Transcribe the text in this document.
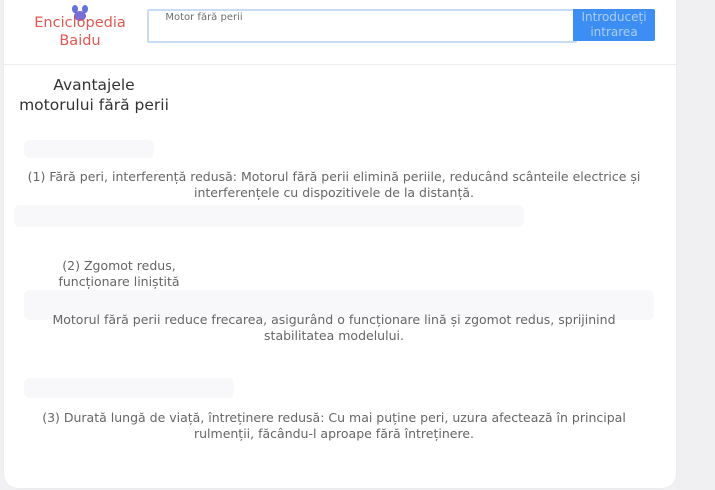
Enciclopedia Baidu
Motor fără perii	Introduceți intrarea
Avantajele motorului fără perii
(1) Fără peri, interferență redusă: Motorul fără perii elimină periile, reducând scânteile electrice și interferențele cu dispozitivele de la distanță.
(2) Zgomot redus, funcționare liniștită
Motorul fără perii reduce frecarea, asigurând o funcționare lină și zgomot redus, sprijinind stabilitatea modelului.
(3) Durată lungă de viață, întreținere redusă: Cu mai puține peri, uzura afectează în principal rulmenții, făcându-l aproape fără întreținere.
